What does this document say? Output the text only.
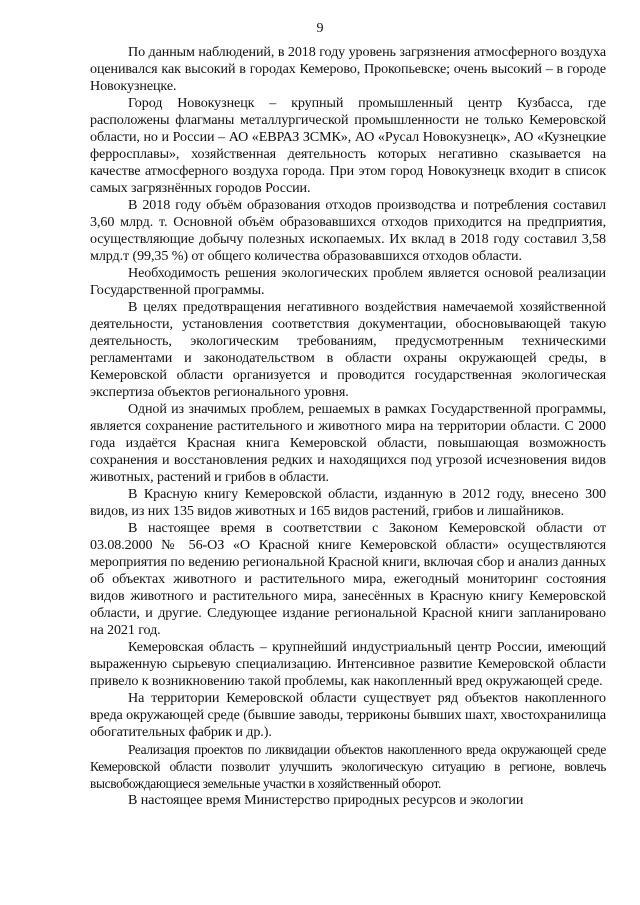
9

По данным наблюдений, в 2018 году уровень загрязнения атмосферного воздуха оценивался как высокий в городах Кемерово, Прокопьевске; очень высокий – в городе Новокузнецке.

Город Новокузнецк – крупный промышленный центр Кузбасса, где расположены флагманы металлургической промышленности не только Кемеровской области, но и России – АО «ЕВРАЗ ЗСМК», АО «Русал Новокузнецк», АО «Кузнецкие ферросплавы», хозяйственная деятельность которых негативно сказывается на качестве атмосферного воздуха города. При этом город Новокузнецк входит в список самых загрязнённых городов России.

В 2018 году объём образования отходов производства и потребления составил 3,60 млрд. т. Основной объём образовавшихся отходов приходится на предприятия, осуществляющие добычу полезных ископаемых. Их вклад в 2018 году составил 3,58 млрд.т (99,35 %) от общего количества образовавшихся отходов области.

Необходимость решения экологических проблем является основой реализации Государственной программы.

В целях предотвращения негативного воздействия намечаемой хозяйственной деятельности, установления соответствия документации, обосновывающей такую деятельность, экологическим требованиям, предусмотренным техническими регламентами и законодательством в области охраны окружающей среды, в Кемеровской области организуется и проводится государственная экологическая экспертиза объектов регионального уровня.

Одной из значимых проблем, решаемых в рамках Государственной программы, является сохранение растительного и животного мира на территории области. С 2000 года издаётся Красная книга Кемеровской области, повышающая возможность сохранения и восстановления редких и находящихся под угрозой исчезновения видов животных, растений и грибов в области.

В Красную книгу Кемеровской области, изданную в 2012 году, внесено 300 видов, из них 135 видов животных и 165 видов растений, грибов и лишайников.

В настоящее время в соответствии с Законом Кемеровской области от 03.08.2000 № 56-ОЗ «О Красной книге Кемеровской области» осуществляются мероприятия по ведению региональной Красной книги, включая сбор и анализ данных об объектах животного и растительного мира, ежегодный мониторинг состояния видов животного и растительного мира, занесённых в Красную книгу Кемеровской области, и другие. Следующее издание региональной Красной книги запланировано на 2021 год.

Кемеровская область – крупнейший индустриальный центр России, имеющий выраженную сырьевую специализацию. Интенсивное развитие Кемеровской области привело к возникновению такой проблемы, как накопленный вред окружающей среде.

На территории Кемеровской области существует ряд объектов накопленного вреда окружающей среде (бывшие заводы, терриконы бывших шахт, хвостохранилища обогатительных фабрик и др.).

Реализация проектов по ликвидации объектов накопленного вреда окружающей среде Кемеровской области позволит улучшить экологическую ситуацию в регионе, вовлечь высвобождающиеся земельные участки в хозяйственный оборот.

В настоящее время Министерство природных ресурсов и экологии
